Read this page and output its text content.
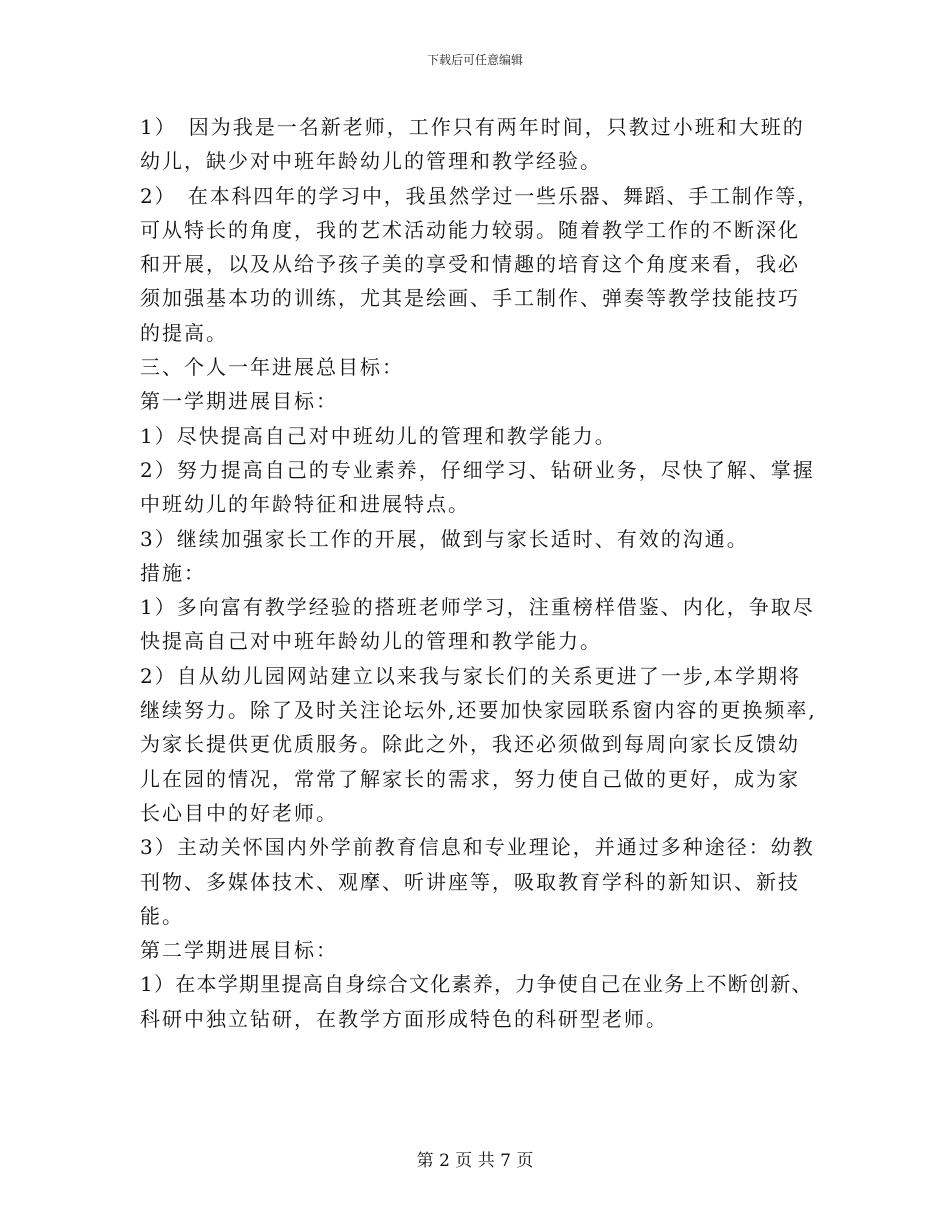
下载后可任意编辑
1）　因为我是一名新老师，工作只有两年时间，只教过小班和大班的
幼儿，缺少对中班年龄幼儿的管理和教学经验。
2）　在本科四年的学习中，我虽然学过一些乐器、舞蹈、手工制作等，
可从特长的角度，我的艺术活动能力较弱。随着教学工作的不断深化
和开展，以及从给予孩子美的享受和情趣的培育这个角度来看，我必
须加强基本功的训练，尤其是绘画、手工制作、弹奏等教学技能技巧
的提高。
三、个人一年进展总目标：
第一学期进展目标：
1）尽快提高自己对中班幼儿的管理和教学能力。
2）努力提高自己的专业素养，仔细学习、钻研业务，尽快了解、掌握
中班幼儿的年龄特征和进展特点。
3）继续加强家长工作的开展，做到与家长适时、有效的沟通。
措施：
1）多向富有教学经验的搭班老师学习，注重榜样借鉴、内化，争取尽
快提高自己对中班年龄幼儿的管理和教学能力。
2）自从幼儿园网站建立以来我与家长们的关系更进了一步,本学期将
继续努力。除了及时关注论坛外,还要加快家园联系窗内容的更换频率,
为家长提供更优质服务。除此之外，我还必须做到每周向家长反馈幼
儿在园的情况，常常了解家长的需求，努力使自己做的更好，成为家
长心目中的好老师。
3）主动关怀国内外学前教育信息和专业理论，并通过多种途径：幼教
刊物、多媒体技术、观摩、听讲座等，吸取教育学科的新知识、新技
能。
第二学期进展目标：
1）在本学期里提高自身综合文化素养，力争使自己在业务上不断创新、
科研中独立钻研，在教学方面形成特色的科研型老师。
第 2 页 共 7 页
